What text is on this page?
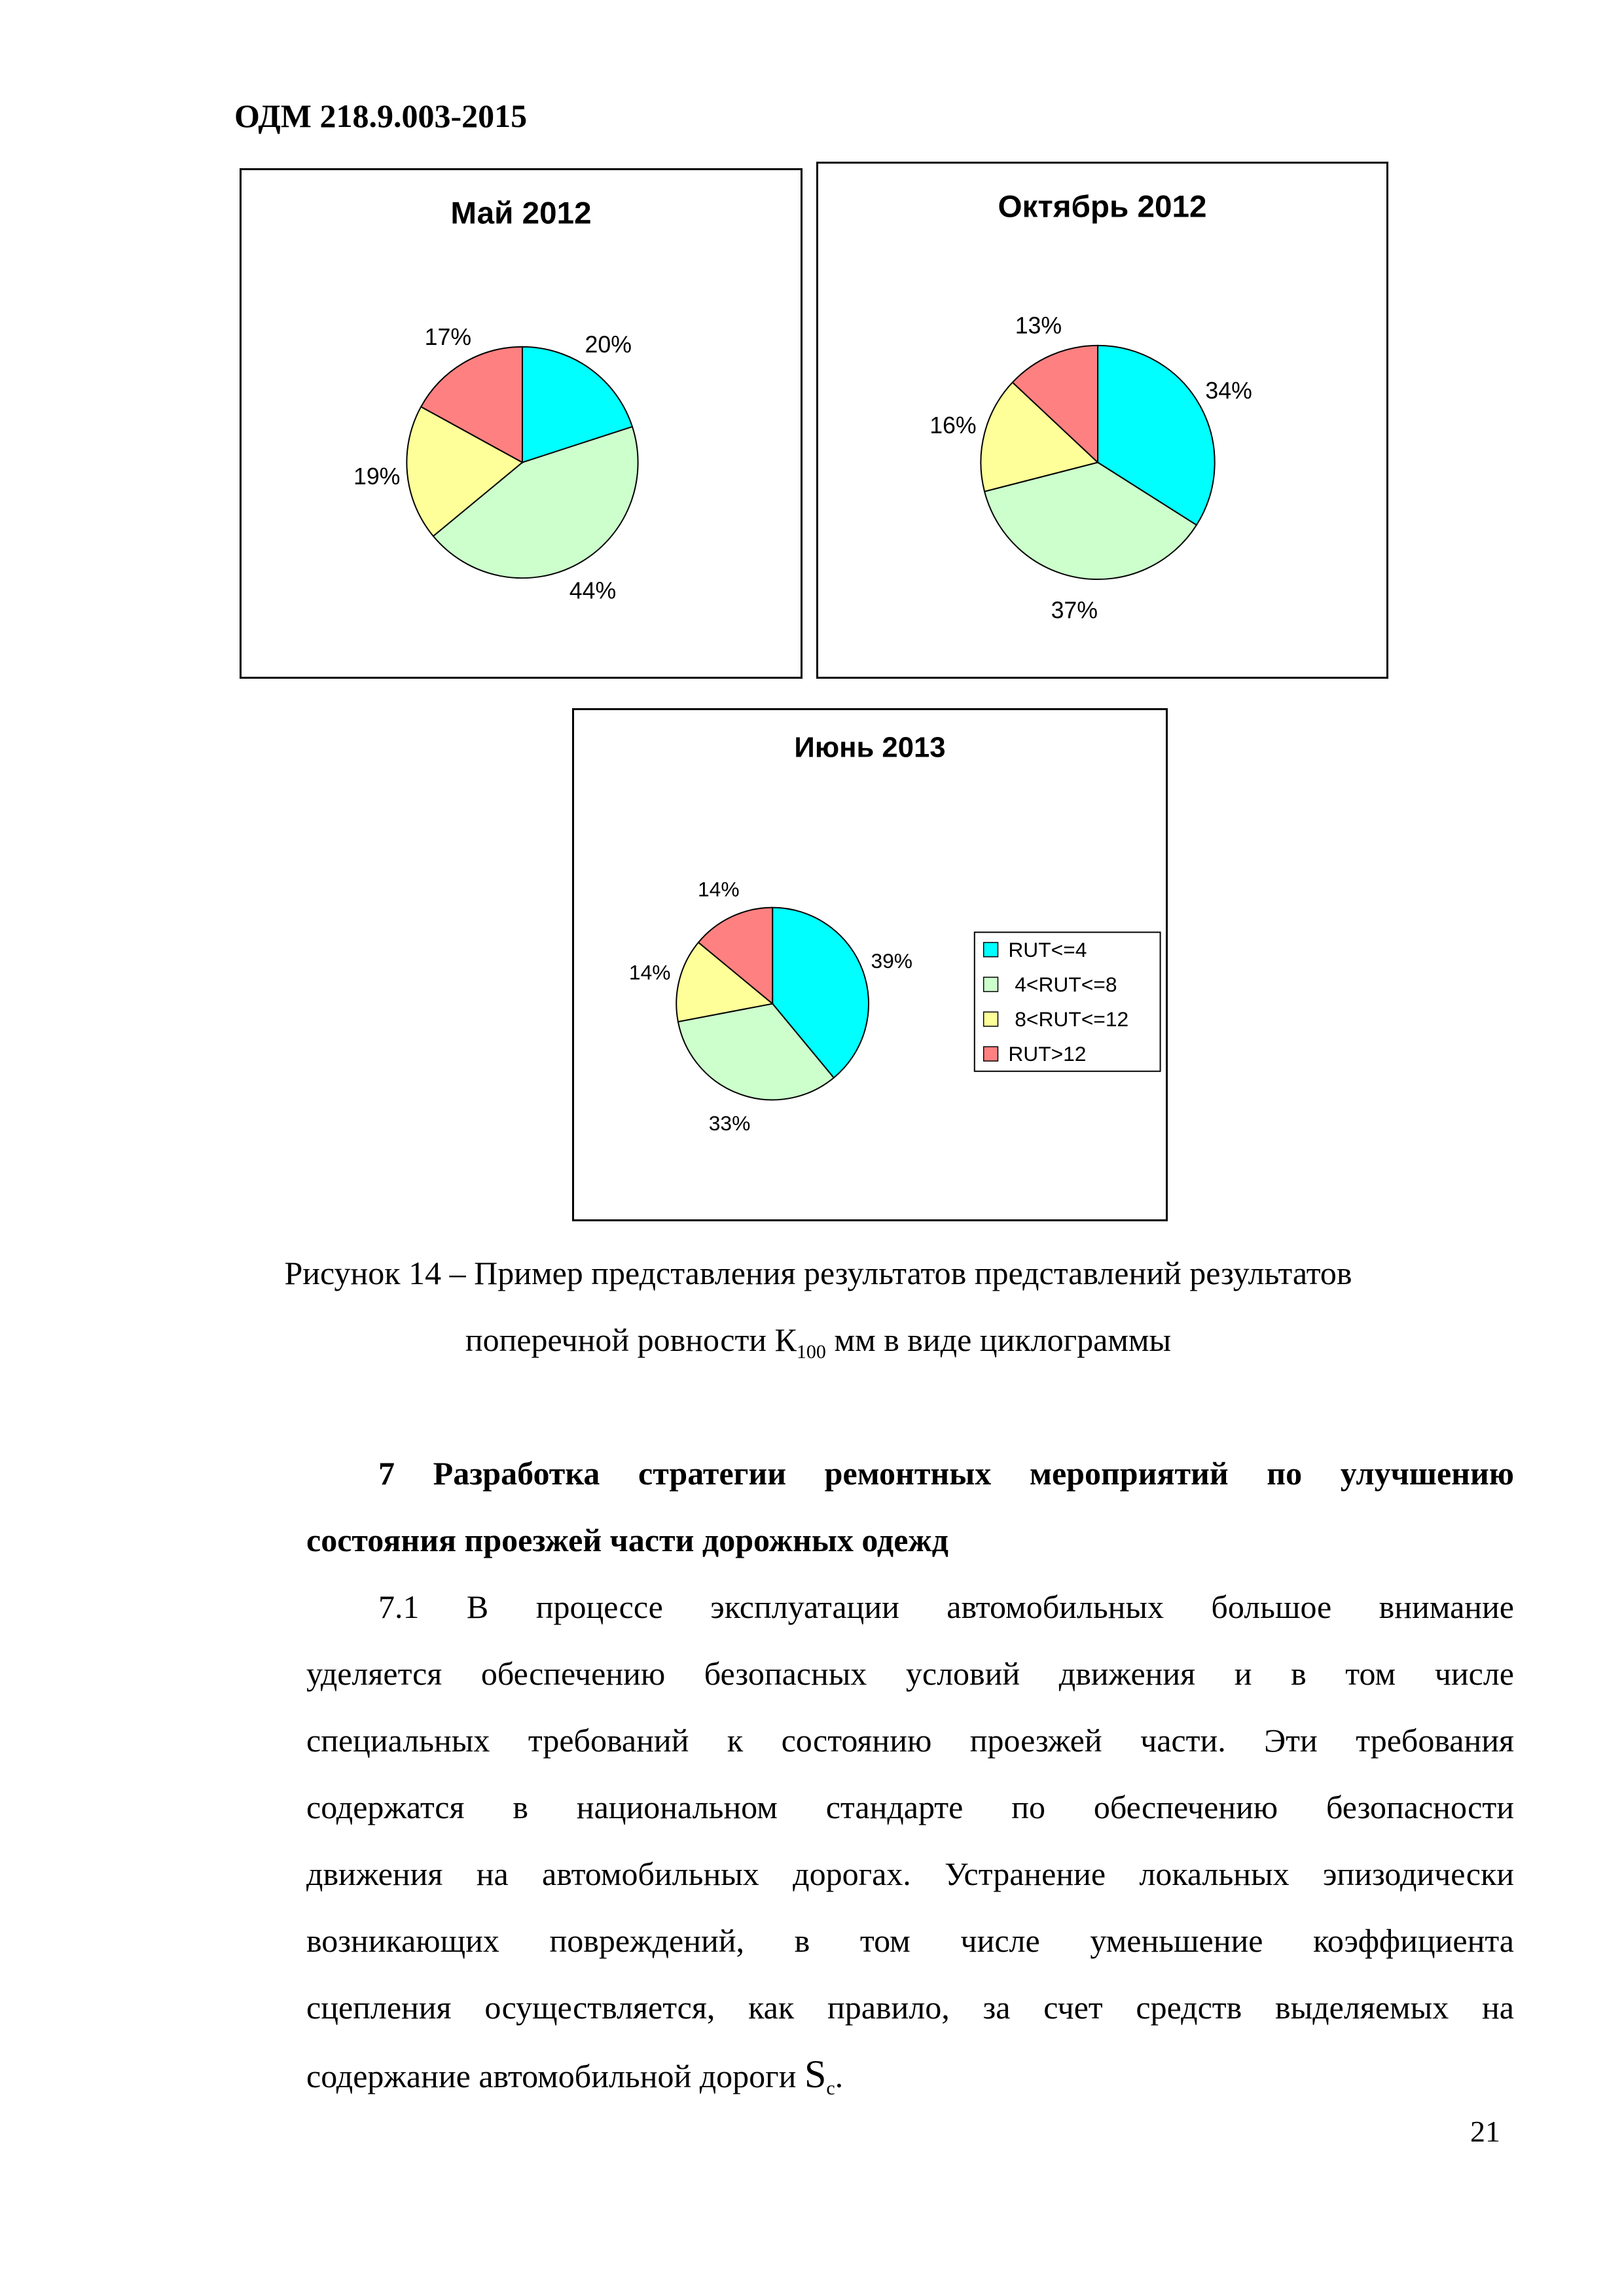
ОДМ 218.9.003-2015
Май 2012
20%
44%
19%
17%
Октябрь 2012
34%
37%
16%
13%
Июнь 2013
39%
33%
14%
14%
RUT<=4
4<RUT<=8
8<RUT<=12
RUT>12
Рисунок 14 – Пример представления результатов представлений результатов
поперечной ровности $К_{100}$ мм в виде циклограммы
7 Разработка стратегии ремонтных мероприятий по улучшению
состояния проезжей части дорожных одежд
7.1 В процессе эксплуатации автомобильных большое внимание
уделяется обеспечению безопасных условий движения и в том числе
специальных требований к состоянию проезжей части. Эти требования
содержатся в национальном стандарте по обеспечению безопасности
движения на автомобильных дорогах. Устранение локальных эпизодически
возникающих повреждений, в том числе уменьшение коэффициента
сцепления осуществляется, как правило, за счет средств выделяемых на
содержание автомобильной дороги $S_c$.
21
